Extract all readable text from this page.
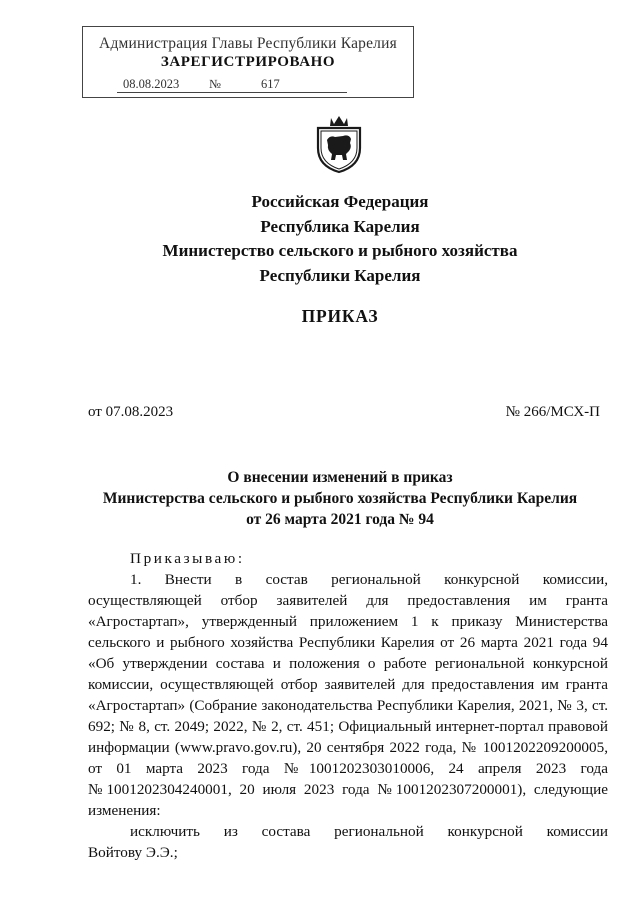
Администрация Главы Республики Карелия
ЗАРЕГИСТРИРОВАНО
08.08.2023 №	617
Российская Федерация
Республика Карелия
Министерство сельского и рыбного хозяйства
Республики Карелия
ПРИКАЗ
от 07.08.2023	№ 266/МСХ-П
О внесении изменений в приказ
Министерства сельского и рыбного хозяйства Республики Карелия
от 26 марта 2021 года № 94

Приказываю:

1. Внести в состав региональной конкурсной комиссии, осуществляющей отбор заявителей для предоставления им гранта «Агростартап», утвержденный приложением 1 к приказу Министерства сельского и рыбного хозяйства Республики Карелия от 26 марта 2021 года 94 «Об утверждении состава и положения о работе региональной конкурсной комиссии, осуществляющей отбор заявителей для предоставления им гранта «Агростартап» (Собрание законодательства Республики Карелия, 2021, № 3, ст. 692; № 8, ст. 2049; 2022, № 2, ст. 451; Официальный интернет-портал правовой информации (www.pravo.gov.ru), 20 сентября 2022 года, № 1001202209200005, от 01 марта 2023 года №1001202303010006, 24 апреля 2023 года №1001202304240001, 20 июля 2023 года №1001202307200001), следующие изменения:

исключить из состава региональной конкурсной комиссии

Войтову Э.Э.;
